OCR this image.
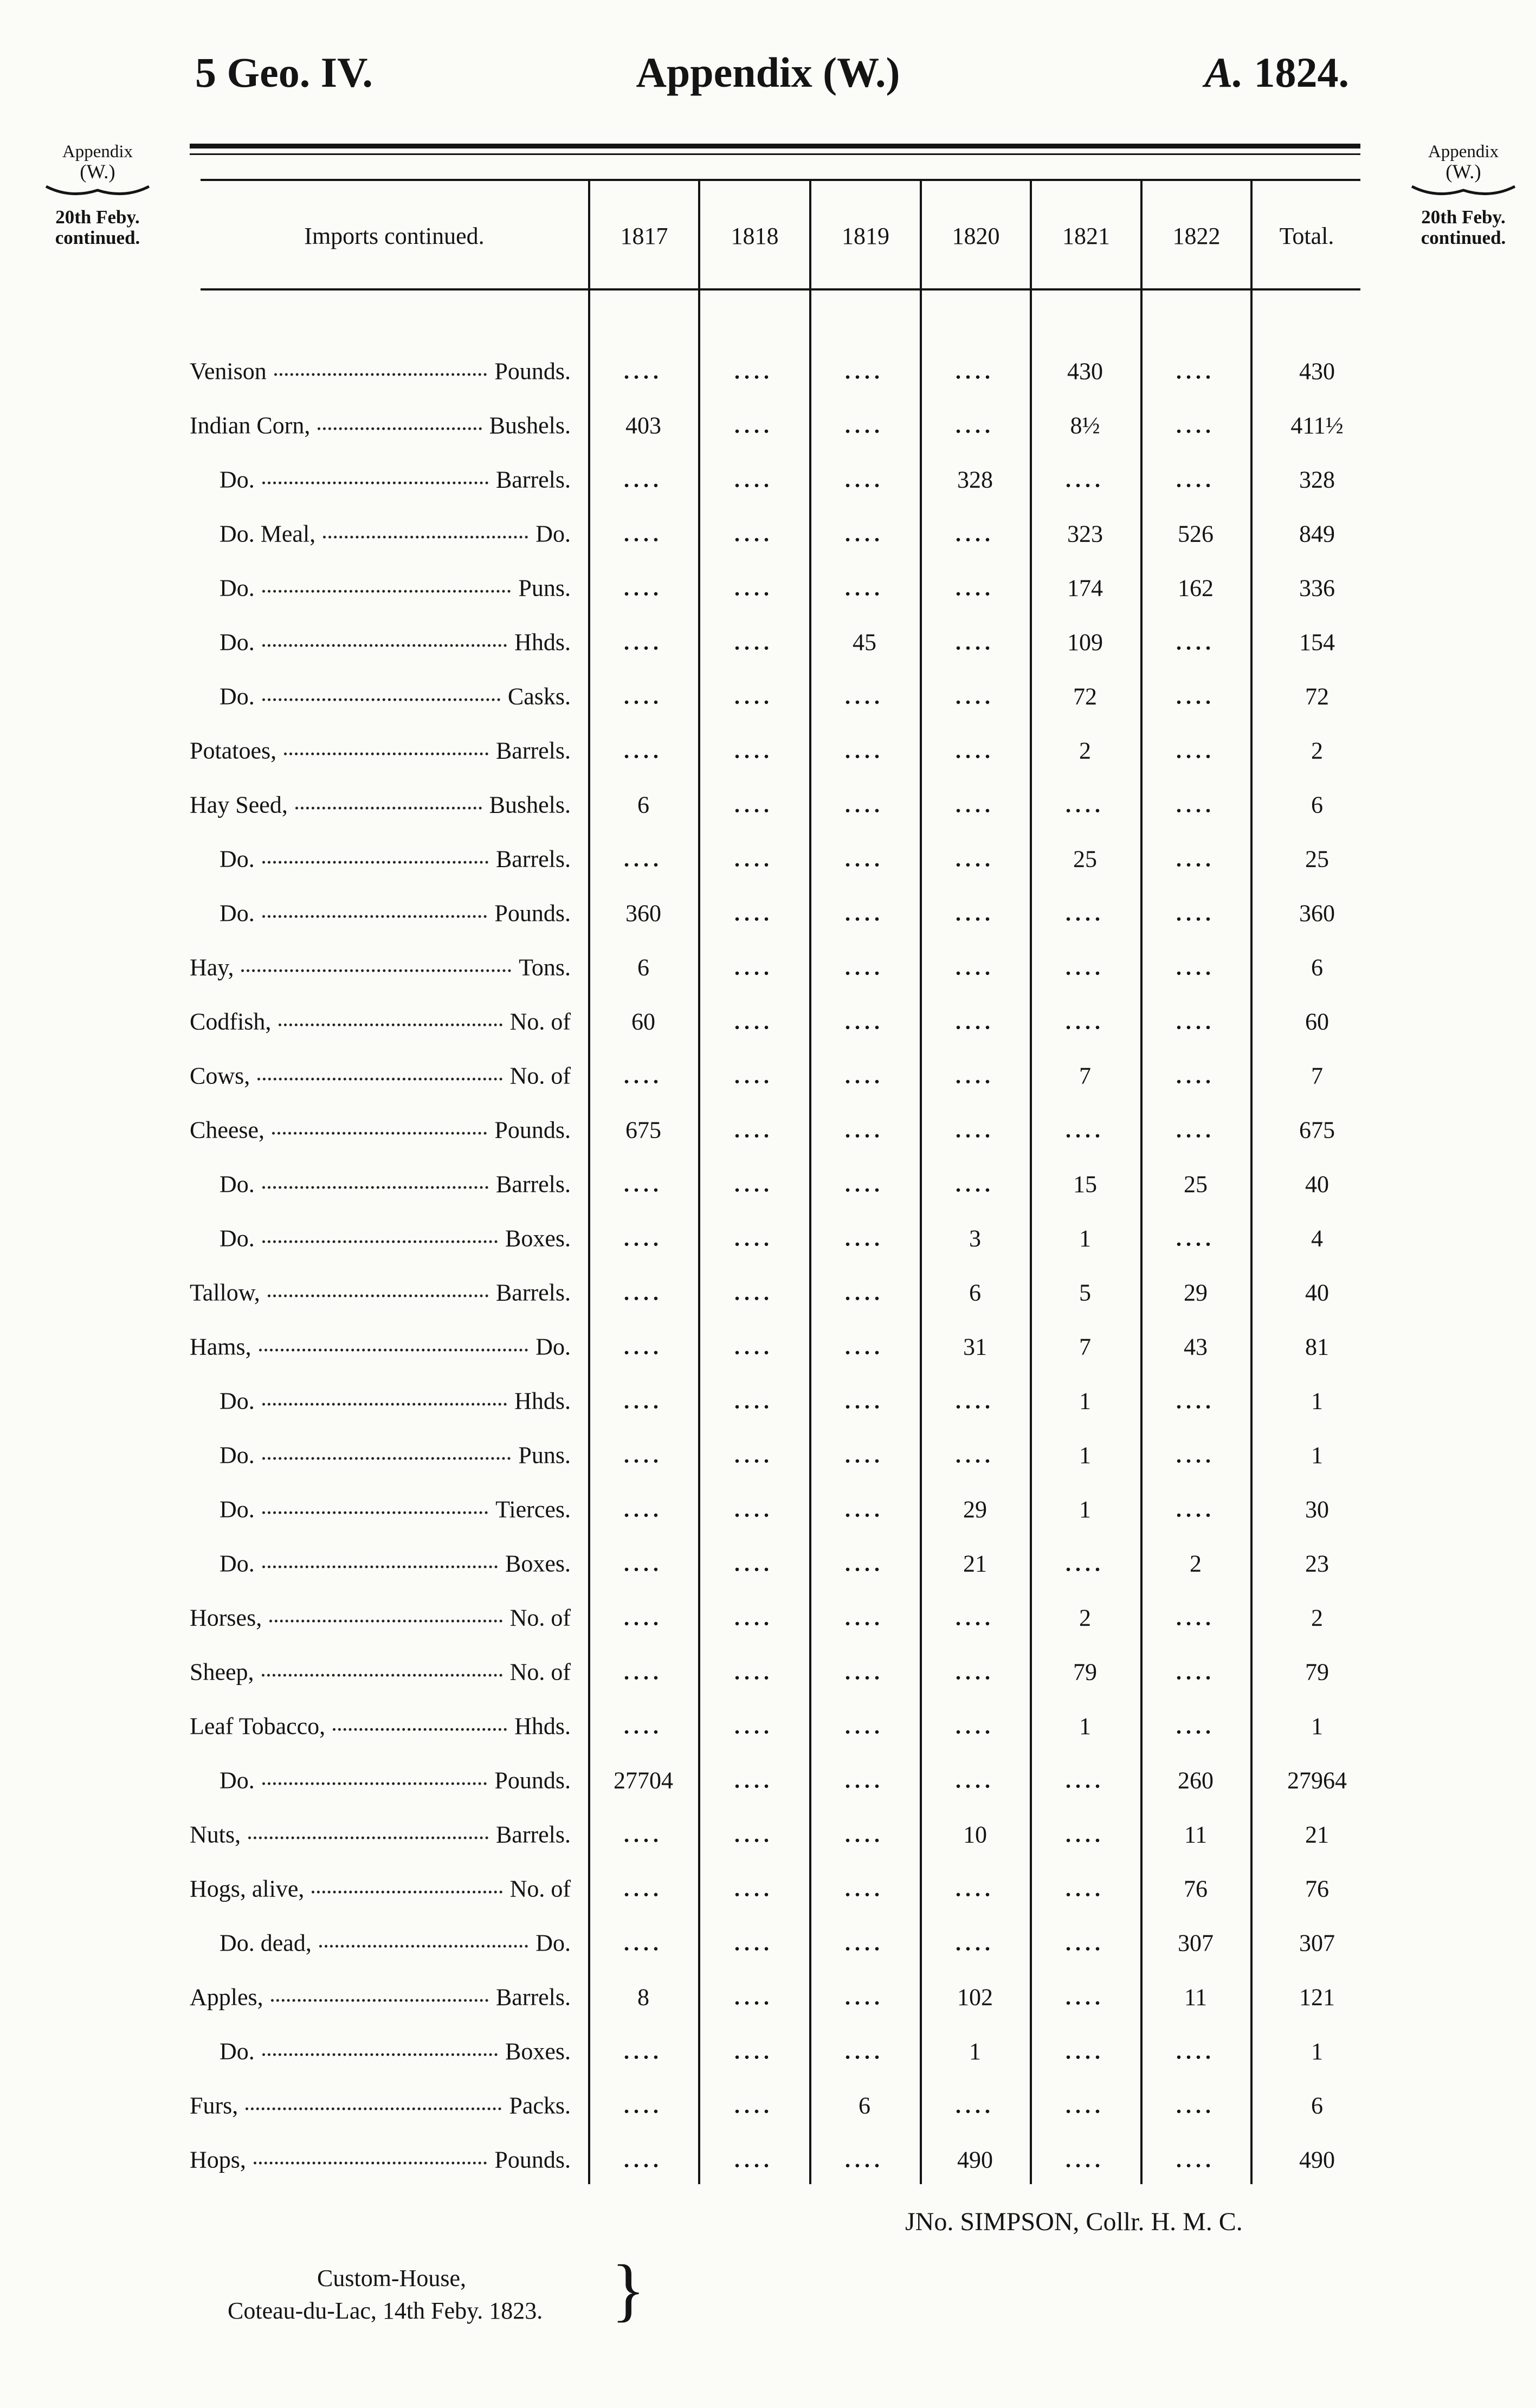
5 Geo. IV.	Appendix (W.)	A. 1824.
Appendix
(W.)
20th Feby.
continued.
Appendix
(W.)
20th Feby.
continued.
Imports continued.	1817	1818	1819	1820	1821	1822	Total.
Venison	Pounds.	....	....	....	....	430	....	430
Indian Corn,	Bushels.	403	....	....	....	8½	....	411½
Do.	Barrels.	....	....	....	328	....	....	328
Do. Meal,	Do.	....	....	....	....	323	526	849
Do.	Puns.	....	....	....	....	174	162	336
Do.	Hhds.	....	....	45	....	109	....	154
Do.	Casks.	....	....	....	....	72	....	72
Potatoes,	Barrels.	....	....	....	....	2	....	2
Hay Seed,	Bushels.	6	....	....	....	....	....	6
Do.	Barrels.	....	....	....	....	25	....	25
Do.	Pounds.	360	....	....	....	....	....	360
Hay,	Tons.	6	....	....	....	....	....	6
Codfish,	No. of	60	....	....	....	....	....	60
Cows,	No. of	....	....	....	....	7	....	7
Cheese,	Pounds.	675	....	....	....	....	....	675
Do.	Barrels.	....	....	....	....	15	25	40
Do.	Boxes.	....	....	....	3	1	....	4
Tallow,	Barrels.	....	....	....	6	5	29	40
Hams,	Do.	....	....	....	31	7	43	81
Do.	Hhds.	....	....	....	....	1	....	1
Do.	Puns.	....	....	....	....	1	....	1
Do.	Tierces.	....	....	....	29	1	....	30
Do.	Boxes.	....	....	....	21	....	2	23
Horses,	No. of	....	....	....	....	2	....	2
Sheep,	No. of	....	....	....	....	79	....	79
Leaf Tobacco,	Hhds.	....	....	....	....	1	....	1
Do.	Pounds.	27704	....	....	....	....	260	27964
Nuts,	Barrels.	....	....	....	10	....	11	21
Hogs, alive,	No. of	....	....	....	....	....	76	76
Do. dead,	Do.	....	....	....	....	....	307	307
Apples,	Barrels.	8	....	....	102	....	11	121
Do.	Boxes.	....	....	....	1	....	....	1
Furs,	Packs.	....	....	6	....	....	....	6
Hops,	Pounds.	....	....	....	490	....	....	490
JNo. SIMPSON, Collr. H. M. C.
Custom-House,
Coteau-du-Lac, 14th Feby. 1823. }
